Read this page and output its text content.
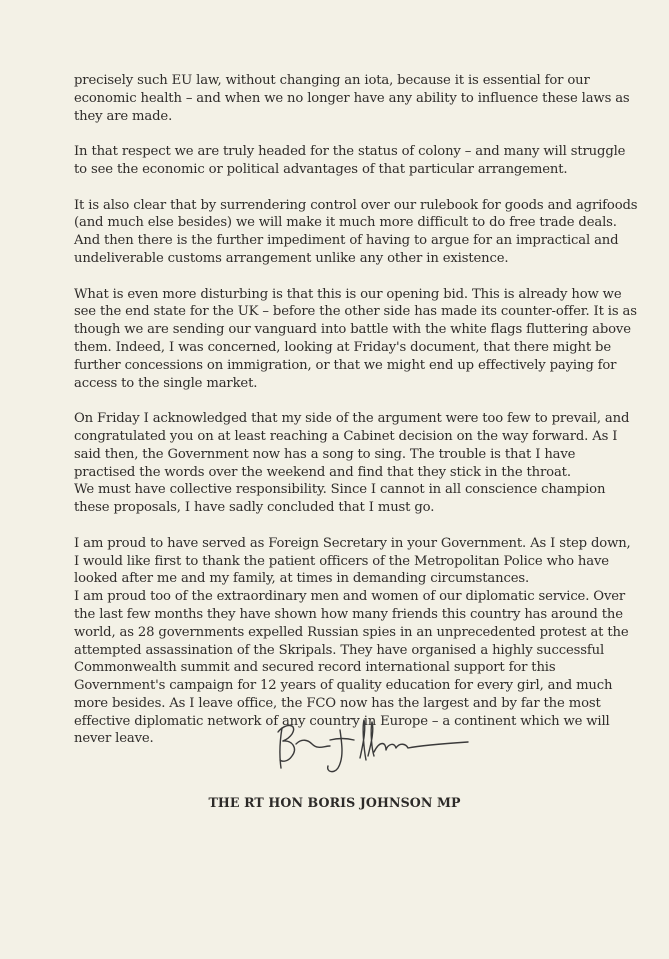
precisely such EU law, without changing an iota, because it is essential for our
economic health – and when we no longer have any ability to influence these laws as
they are made.

In that respect we are truly headed for the status of colony – and many will struggle
to see the economic or political advantages of that particular arrangement.

It is also clear that by surrendering control over our rulebook for goods and agrifoods
(and much else besides) we will make it much more difficult to do free trade deals.
And then there is the further impediment of having to argue for an impractical and
undeliverable customs arrangement unlike any other in existence.

What is even more disturbing is that this is our opening bid. This is already how we
see the end state for the UK – before the other side has made its counter-offer. It is as
though we are sending our vanguard into battle with the white flags fluttering above
them. Indeed, I was concerned, looking at Friday's document, that there might be
further concessions on immigration, or that we might end up effectively paying for
access to the single market.

On Friday I acknowledged that my side of the argument were too few to prevail, and
congratulated you on at least reaching a Cabinet decision on the way forward. As I
said then, the Government now has a song to sing. The trouble is that I have
practised the words over the weekend and find that they stick in the throat.
We must have collective responsibility. Since I cannot in all conscience champion
these proposals, I have sadly concluded that I must go.

I am proud to have served as Foreign Secretary in your Government. As I step down,
I would like first to thank the patient officers of the Metropolitan Police who have
looked after me and my family, at times in demanding circumstances.
I am proud too of the extraordinary men and women of our diplomatic service. Over
the last few months they have shown how many friends this country has around the
world, as 28 governments expelled Russian spies in an unprecedented protest at the
attempted assassination of the Skripals. They have organised a highly successful
Commonwealth summit and secured record international support for this
Government's campaign for 12 years of quality education for every girl, and much
more besides. As I leave office, the FCO now has the largest and by far the most
effective diplomatic network of any country in Europe – a continent which we will
never leave.

THE RT HON BORIS JOHNSON MP
